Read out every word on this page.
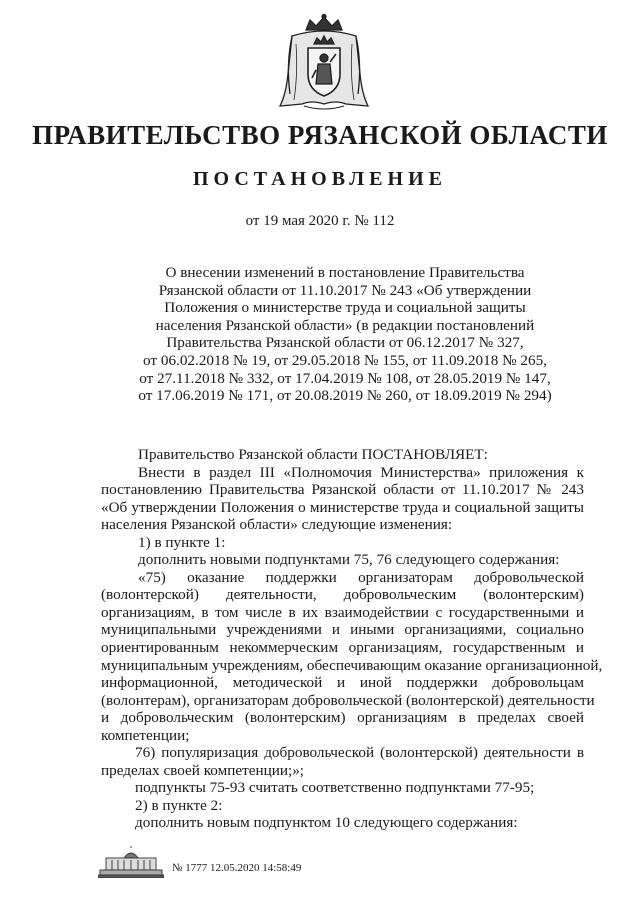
ПРАВИТЕЛЬСТВО РЯЗАНСКОЙ ОБЛАСТИ
ПОСТАНОВЛЕНИЕ
от 19 мая 2020 г. № 112
О внесении изменений в постановление Правительства
Рязанской области от 11.10.2017 № 243 «Об утверждении
Положения о министерстве труда и социальной защиты
населения Рязанской области» (в редакции постановлений
Правительства Рязанской области от 06.12.2017 № 327,
от 06.02.2018 № 19, от 29.05.2018 № 155, от 11.09.2018 № 265,
от 27.11.2018 № 332, от 17.04.2019 № 108, от 28.05.2019 № 147,
от 17.06.2019 № 171, от 20.08.2019 № 260, от 18.09.2019 № 294)
Правительство Рязанской области ПОСТАНОВЛЯЕТ:
Внести в раздел III «Полномочия Министерства» приложения к
постановлению Правительства Рязанской области от 11.10.2017 № 243
«Об утверждении Положения о министерстве труда и социальной защиты
населения Рязанской области» следующие изменения:
1) в пункте 1:
дополнить новыми подпунктами 75, 76 следующего содержания:
«75) оказание поддержки организаторам добровольческой
(волонтерской) деятельности, добровольческим (волонтерским)
организациям, в том числе в их взаимодействии с государственными и
муниципальными учреждениями и иными организациями, социально
ориентированным некоммерческим организациям, государственным и
муниципальным учреждениям, обеспечивающим оказание организационной,
информационной, методической и иной поддержки добровольцам
(волонтерам), организаторам добровольческой (волонтерской) деятельности
и добровольческим (волонтерским) организациям в пределах своей
компетенции;
76) популяризация добровольческой (волонтерской) деятельности в
пределах своей компетенции;»;
подпункты 75-93 считать соответственно подпунктами 77-95;
2) в пункте 2:
дополнить новым подпунктом 10 следующего содержания:
№ 1777 12.05.2020 14:58:49
